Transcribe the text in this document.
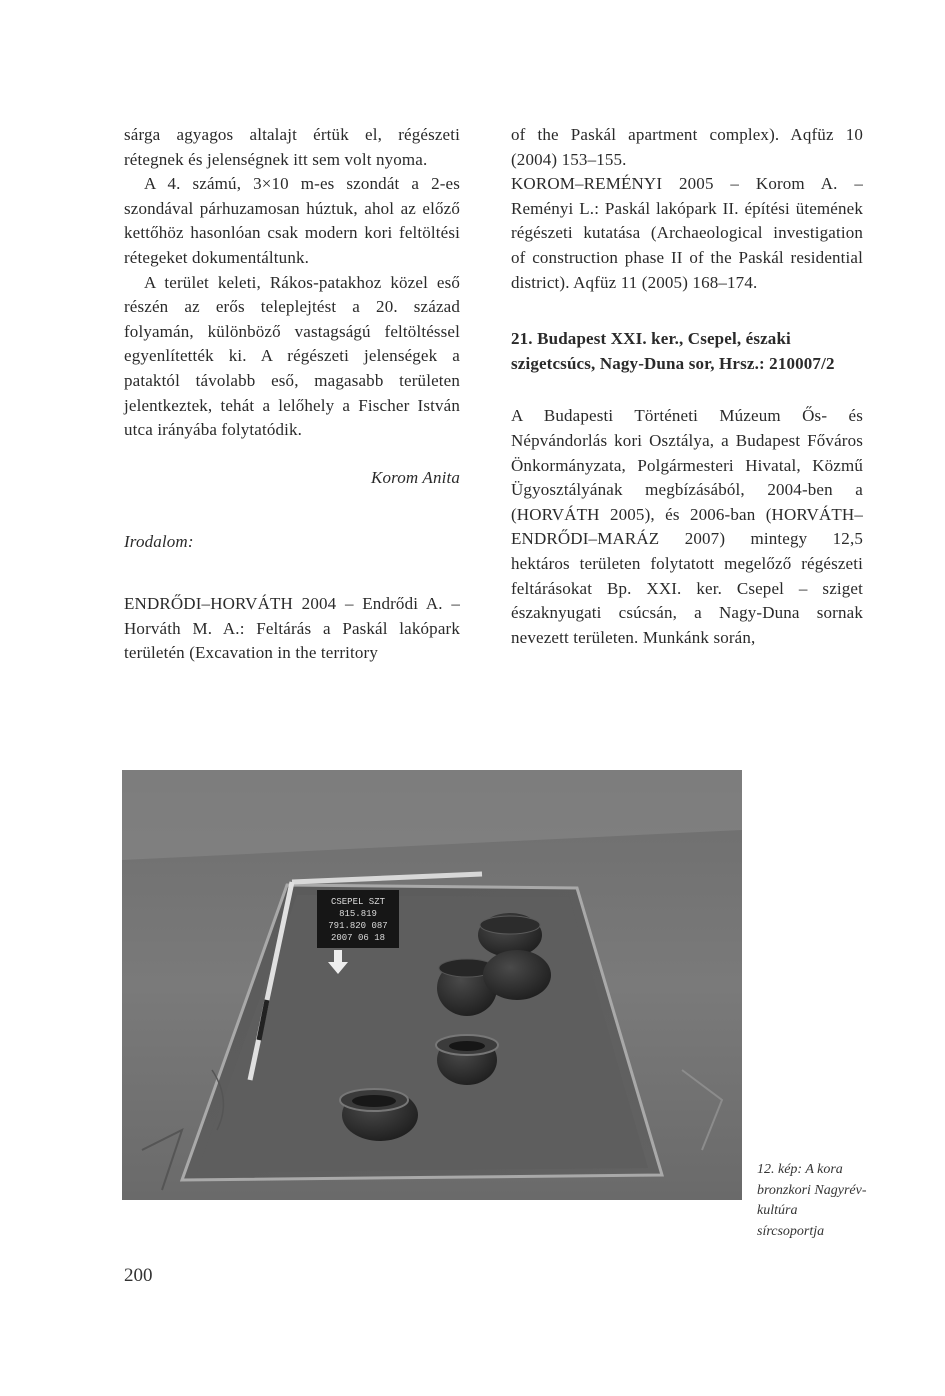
sárga agyagos altalajt értük el, régészeti rétegnek és jelenségnek itt sem volt nyoma.

A 4. számú, 3×10 m-es szondát a 2-es szondával párhuzamosan húztuk, ahol az előző kettőhöz hasonlóan csak modern kori feltöltési rétegeket dokumentáltunk.

A terület keleti, Rákos-patakhoz közel eső részén az erős teleplejtést a 20. század folyamán, különböző vastagságú feltöltéssel egyenlítették ki. A régészeti jelenségek a pataktól távolabb eső, magasabb területen jelentkeztek, tehát a lelőhely a Fischer István utca irányába folytatódik.

Korom Anita

Irodalom:

ENDRŐDI–HORVÁTH 2004 – Endrődi A. – Horváth M. A.: Feltárás a Paskál lakópark területén (Excavation in the territory

of the Paskál apartment complex). Aqfüz 10 (2004) 153–155.

KOROM–REMÉNYI 2005 – Korom A. – Reményi L.: Paskál lakópark II. építési ütemének régészeti kutatása (Archaeological investigation of construction phase II of the Paskál residential district). Aqfüz 11 (2005) 168–174.

21. Budapest XXI. ker., Csepel, északi szigetcsúcs, Nagy-Duna sor, Hrsz.: 210007/2

A Budapesti Történeti Múzeum Ős- és Népvándorlás kori Osztálya, a Budapest Főváros Önkormányzata, Polgármesteri Hivatal, Közmű Ügyosztályának megbízásából, 2004-ben a (HORVÁTH 2005), és 2006-ban (HORVÁTH–ENDRŐDI–MARÁZ 2007) mintegy 12,5 hektáros területen folytatott megelőző régészeti feltárásokat Bp. XXI. ker. Csepel – sziget északnyugati csúcsán, a Nagy-Duna sornak nevezett területen. Munkánk során,

CSEPEL SZT
815.819
791.820 087
2007 06 18
12. kép: A kora bronzkori Nagyrév-kultúra sírcsoportja
200
